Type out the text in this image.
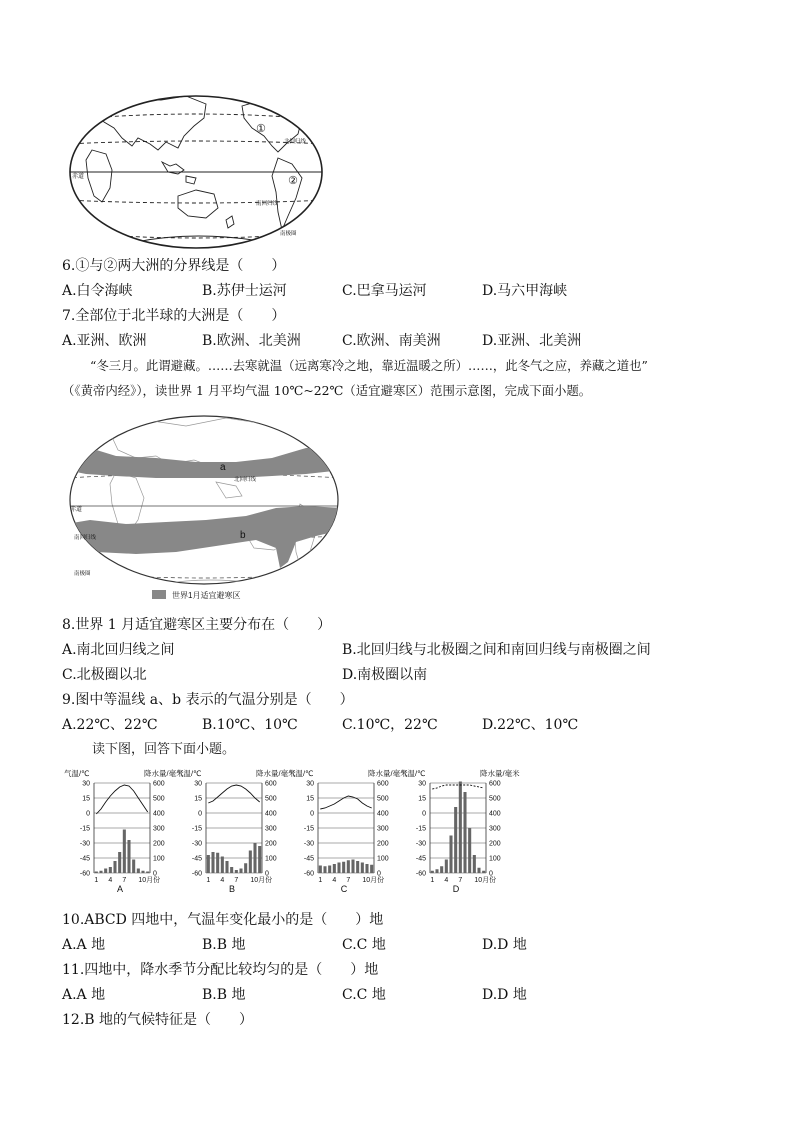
①
②
赤道
北回归线
南回归线
南极圈
6.①与②两大洲的分界线是（　　）
A.白令海峡	B.苏伊士运河	C.巴拿马运河	D.马六甲海峡
7.全部位于北半球的大洲是（　　）
A.亚洲、欧洲	B.欧洲、北美洲	C.欧洲、南美洲	D.亚洲、北美洲
“冬三月。此谓避藏。……去寒就温（远离寒冷之地，靠近温暖之所）……，此冬气之应，养藏之道也”
（《黄帝内经》），读世界 1 月平均气温 10℃~22℃（适宜避寒区）范围示意图，完成下面小题。
a
b
赤道
北回归线
南回归线
南极圈
世界1月适宜避寒区
8.世界 1 月适宜避寒区主要分布在（　　）
A.南北回归线之间	B.北回归线与北极圈之间和南回归线与南极圈之间
C.北极圈以北	D.南极圈以南
9.图中等温线 a、b 表示的气温分别是（　　）
A.22℃、22℃	B.10℃、10℃	C.10℃，22℃	D.22℃、10℃
读下图，回答下面小题。
气温/℃	降水量/毫米
30	600
15	500
0	400
-15	300
-30	200
-45	100
-60	0
1 4 7 10月份
A
气温/℃	降水量/毫米
30	600
15	500
0	400
-15	300
-30	200
-45	100
-60	0
1 4 7 10月份
B
气温/℃	降水量/毫米
30	600
15	500
0	400
-15	300
-30	200
-45	100
-60	0
1 4 7 10月份
C
气温/℃	降水量/毫米
30	600
15	500
0	400
-15	300
-30	200
-45	100
-60	0
1 4 7 10月份
D
10.ABCD 四地中，气温年变化最小的是（　　）地
A.A 地	B.B 地	C.C 地	D.D 地
11.四地中，降水季节分配比较均匀的是（　　）地
A.A 地	B.B 地	C.C 地	D.D 地
12.B 地的气候特征是（　　）
